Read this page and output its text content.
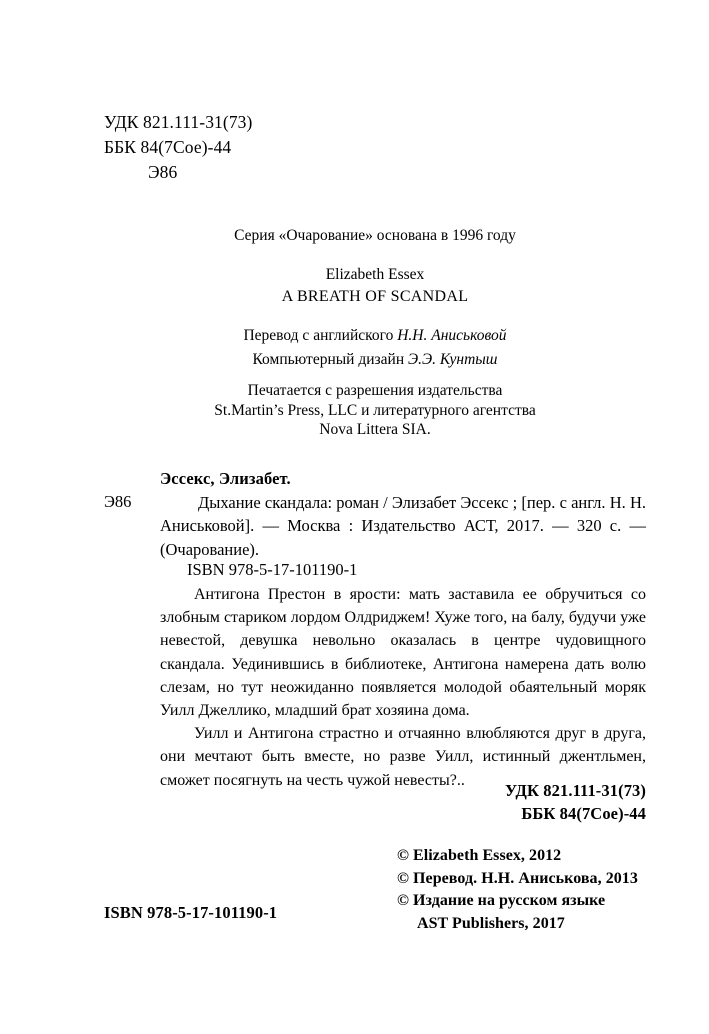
УДК 821.111-31(73)
ББК 84(7Сое)-44
Э86
Серия «Очарование» основана в 1996 году
Elizabeth Essex
A BREATH OF SCANDAL
Перевод с английского Н.Н. Аниськовой
Компьютерный дизайн Э.Э. Кунтыш
Печатается с разрешения издательства
St.Martin’s Press, LLC и литературного агентства
Nova Littera SIA.
Э86
Эссекс, Элизабет.
Дыхание скандала: роман / Элизабет Эссекс ; [пер. с англ. Н. Н. Аниськовой]. — Москва : Издательство АСТ, 2017. — 320 с. — (Очарование).
ISBN 978-5-17-101190-1

Антигона Престон в ярости: мать заставила ее обручиться со злобным стариком лордом Олдриджем! Хуже того, на балу, будучи уже невестой, девушка невольно оказалась в центре чудовищного скандала. Уединившись в библиотеке, Антигона намерена дать волю слезам, но тут неожиданно появляется молодой обаятельный моряк Уилл Джеллико, младший брат хозяина дома.

Уилл и Антигона страстно и отчаянно влюбляются друг в друга, они мечтают быть вместе, но разве Уилл, истинный джентльмен, сможет посягнуть на честь чужой невесты?..

УДК 821.111-31(73)
ББК 84(7Сое)-44
© Elizabeth Essex, 2012
© Перевод. Н.Н. Аниськова, 2013
© Издание на русском языке
AST Publishers, 2017
ISBN 978-5-17-101190-1
